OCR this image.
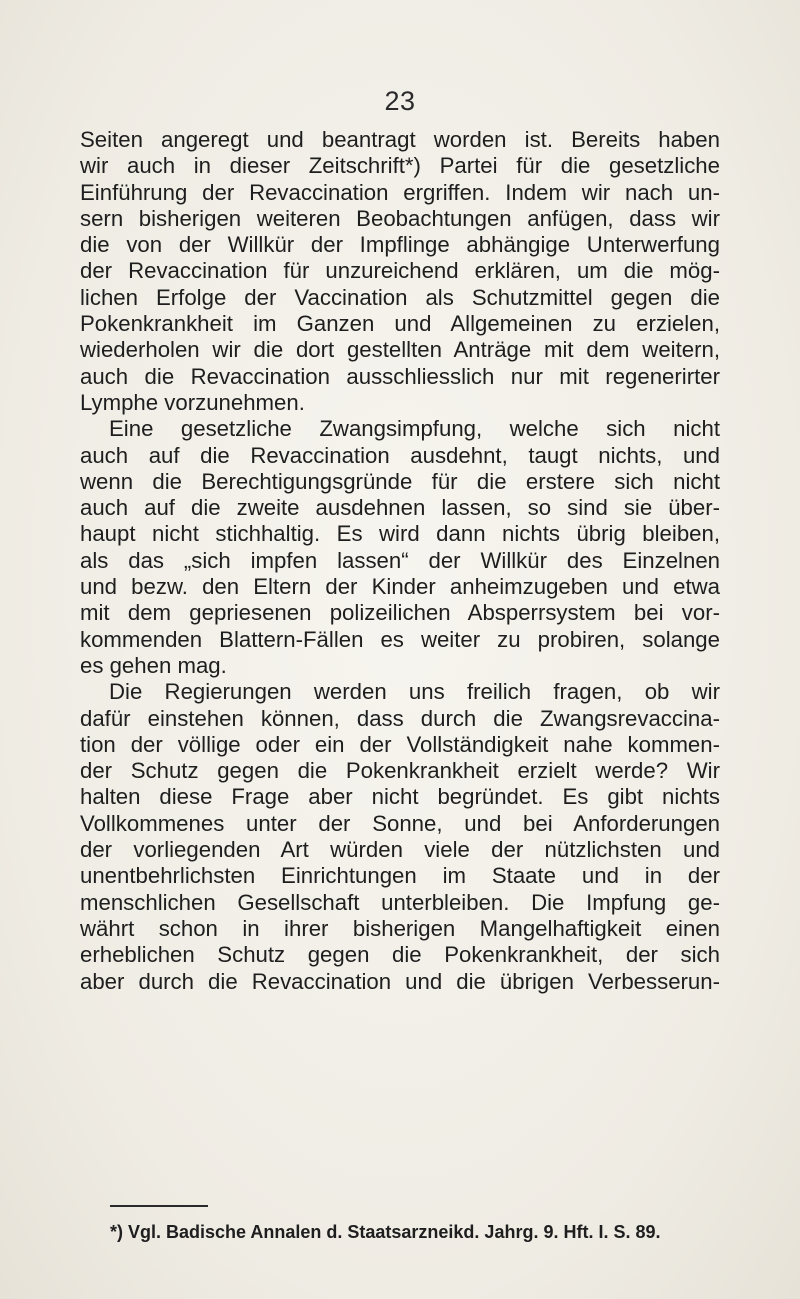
23
Seiten angeregt und beantragt worden ist. Bereits haben
wir auch in dieser Zeitschrift*) Partei für die gesetzliche
Einführung der Revaccination ergriffen. Indem wir nach un-
sern bisherigen weiteren Beobachtungen anfügen, dass wir
die von der Willkür der Impflinge abhängige Unterwerfung
der Revaccination für unzureichend erklären, um die mög-
lichen Erfolge der Vaccination als Schutzmittel gegen die
Pokenkrankheit im Ganzen und Allgemeinen zu erzielen,
wiederholen wir die dort gestellten Anträge mit dem weitern,
auch die Revaccination ausschliesslich nur mit regenerirter
Lymphe vorzunehmen.
Eine gesetzliche Zwangsimpfung, welche sich nicht
auch auf die Revaccination ausdehnt, taugt nichts, und
wenn die Berechtigungsgründe für die erstere sich nicht
auch auf die zweite ausdehnen lassen, so sind sie über-
haupt nicht stichhaltig. Es wird dann nichts übrig bleiben,
als das „sich impfen lassen“ der Willkür des Einzelnen
und bezw. den Eltern der Kinder anheimzugeben und etwa
mit dem gepriesenen polizeilichen Absperrsystem bei vor-
kommenden Blattern-Fällen es weiter zu probiren, solange
es gehen mag.
Die Regierungen werden uns freilich fragen, ob wir
dafür einstehen können, dass durch die Zwangsrevaccina-
tion der völlige oder ein der Vollständigkeit nahe kommen-
der Schutz gegen die Pokenkrankheit erzielt werde? Wir
halten diese Frage aber nicht begründet. Es gibt nichts
Vollkommenes unter der Sonne, und bei Anforderungen
der vorliegenden Art würden viele der nützlichsten und
unentbehrlichsten Einrichtungen im Staate und in der
menschlichen Gesellschaft unterbleiben. Die Impfung ge-
währt schon in ihrer bisherigen Mangelhaftigkeit einen
erheblichen Schutz gegen die Pokenkrankheit, der sich
aber durch die Revaccination und die übrigen Verbesserun-
*) Vgl. Badische Annalen d. Staatsarzneikd. Jahrg. 9. Hft. I. S. 89.
